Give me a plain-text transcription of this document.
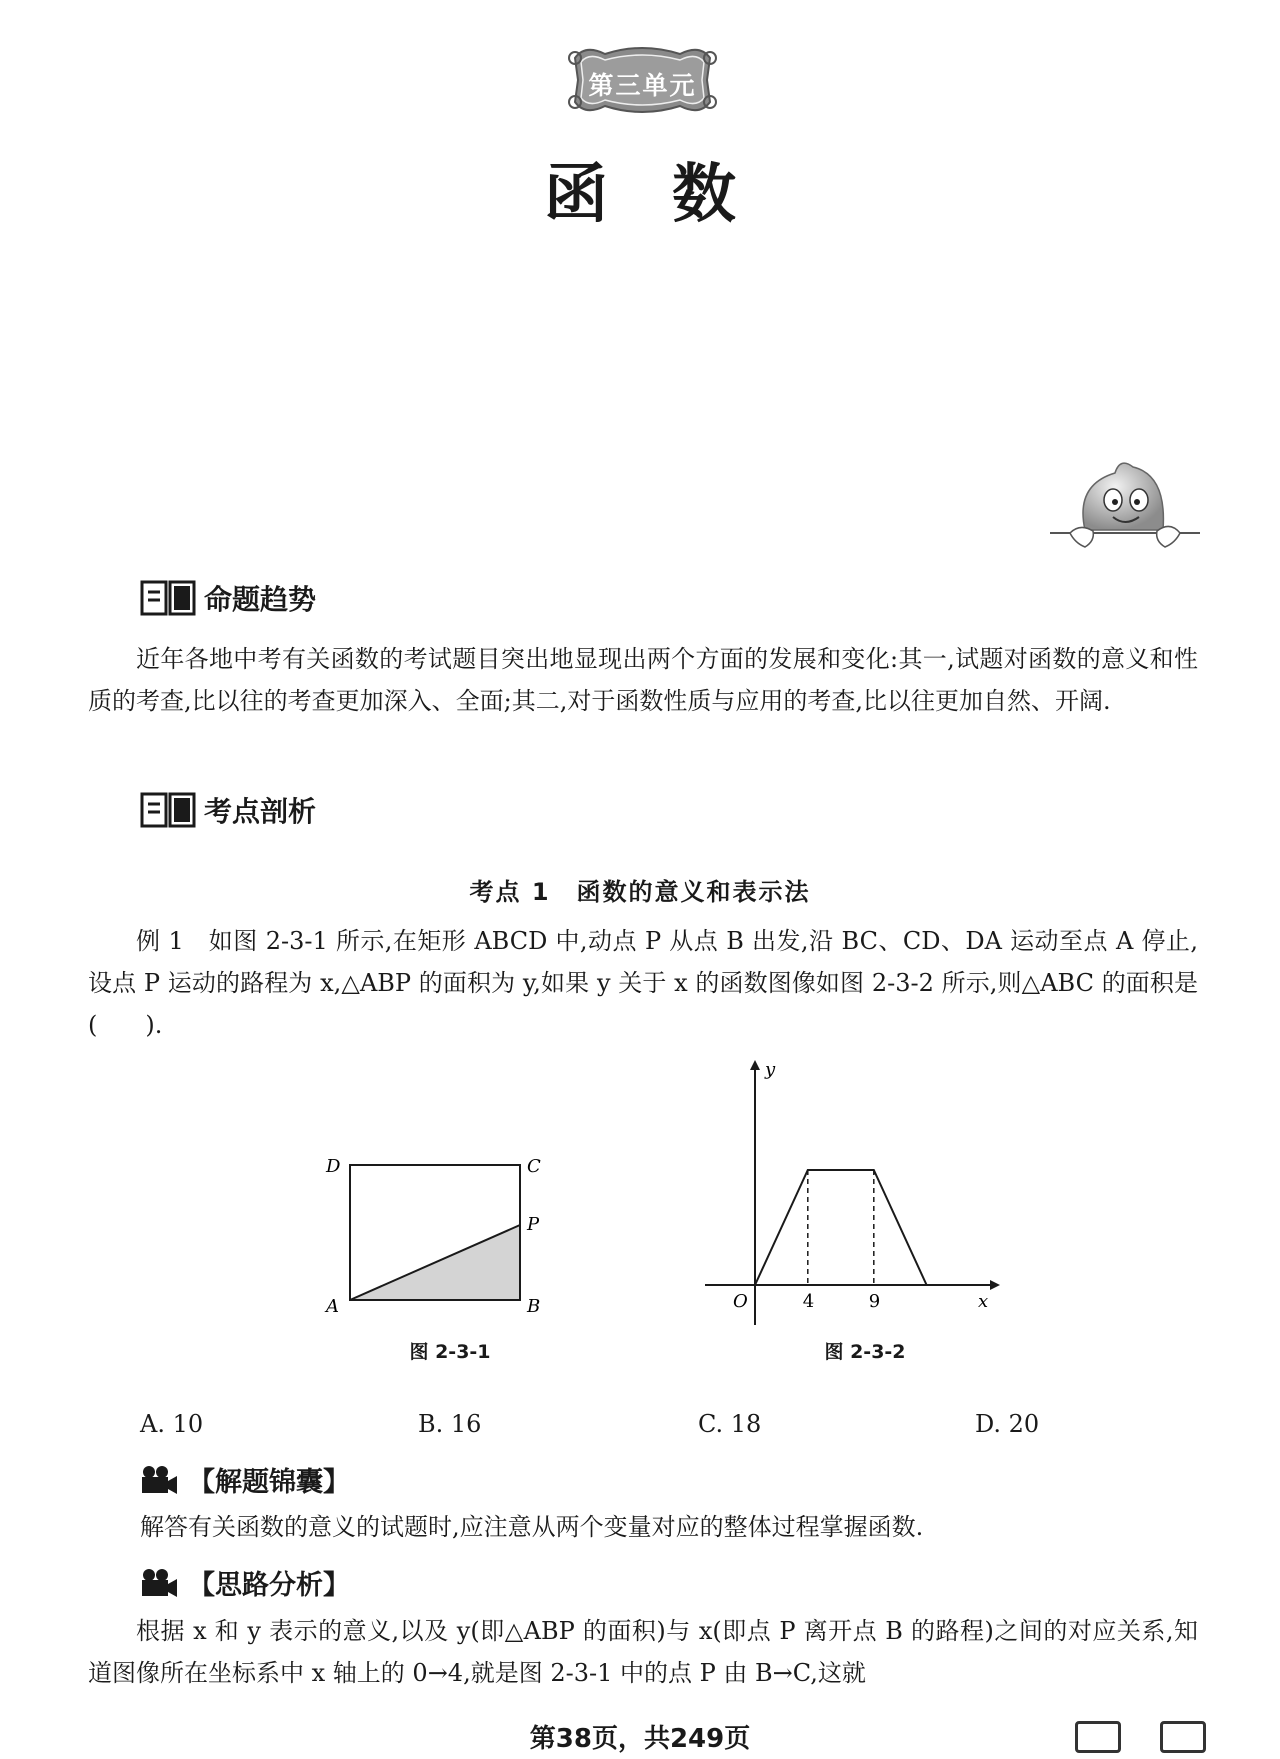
第三单元
函数
命题趋势
近年各地中考有关函数的考试题目突出地显现出两个方面的发展和变化:其一,试题对函数的意义和性质的考查,比以往的考查更加深入、全面;其二,对于函数性质与应用的考查,比以往更加自然、开阔.
考点剖析
考点 1　函数的意义和表示法
例 1　如图 2-3-1 所示,在矩形 ABCD 中,动点 P 从点 B 出发,沿 BC、CD、DA 运动至点 A 停止,设点 P 运动的路程为 x,△ABP 的面积为 y,如果 y 关于 x 的函数图像如图 2-3-2 所示,则△ABC 的面积是(　　).
D	C
P
A	B
图 2-3-1
y
x
O	4	9
图 2-3-2
A. 10	B. 16	C. 18	D. 20
【解题锦囊】
解答有关函数的意义的试题时,应注意从两个变量对应的整体过程掌握函数.
【思路分析】
根据 x 和 y 表示的意义,以及 y(即△ABP 的面积)与 x(即点 P 离开点 B 的路程)之间的对应关系,知道图像所在坐标系中 x 轴上的 0→4,就是图 2-3-1 中的点 P 由 B→C,这就
第38页，共249页
